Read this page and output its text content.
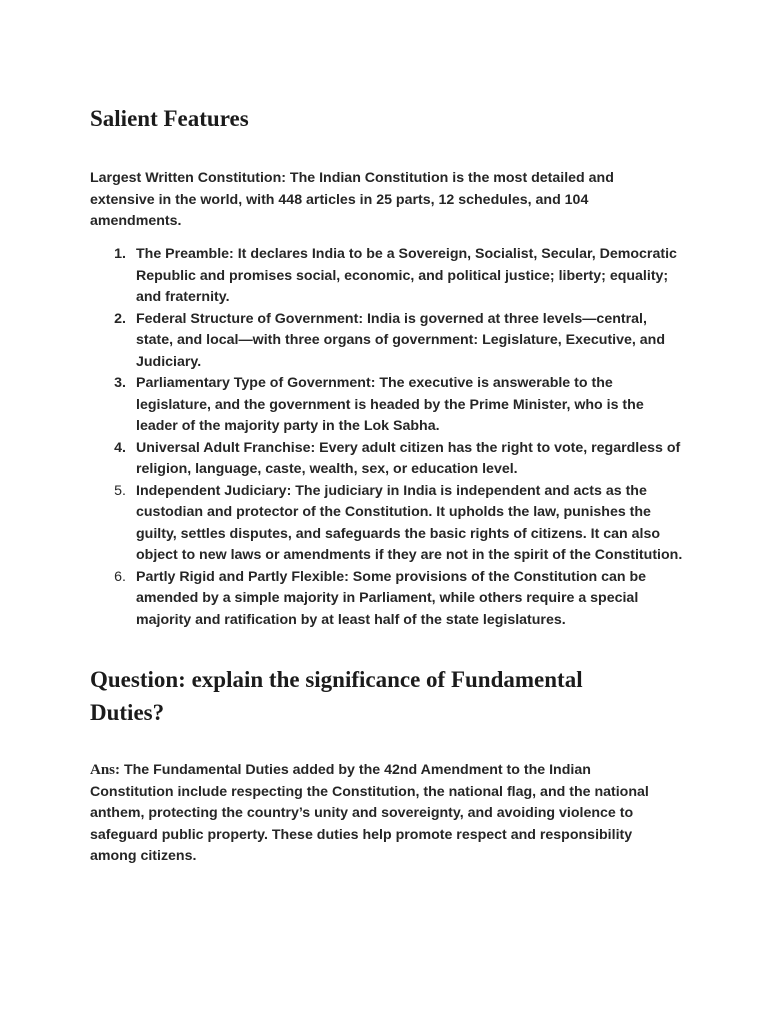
Salient Features

Largest Written Constitution: The Indian Constitution is the most detailed and extensive in the world, with 448 articles in 25 parts, 12 schedules, and 104 amendments.

1. The Preamble: It declares India to be a Sovereign, Socialist, Secular, Democratic Republic and promises social, economic, and political justice; liberty; equality; and fraternity.
2. Federal Structure of Government: India is governed at three levels—central, state, and local—with three organs of government: Legislature, Executive, and Judiciary.
3. Parliamentary Type of Government: The executive is answerable to the legislature, and the government is headed by the Prime Minister, who is the leader of the majority party in the Lok Sabha.
4. Universal Adult Franchise: Every adult citizen has the right to vote, regardless of religion, language, caste, wealth, sex, or education level.
5. Independent Judiciary: The judiciary in India is independent and acts as the custodian and protector of the Constitution. It upholds the law, punishes the guilty, settles disputes, and safeguards the basic rights of citizens. It can also object to new laws or amendments if they are not in the spirit of the Constitution.
6. Partly Rigid and Partly Flexible: Some provisions of the Constitution can be amended by a simple majority in Parliament, while others require a special majority and ratification by at least half of the state legislatures.
Question: explain the significance of Fundamental Duties?

Ans: The Fundamental Duties added by the 42nd Amendment to the Indian Constitution include respecting the Constitution, the national flag, and the national anthem, protecting the country’s unity and sovereignty, and avoiding violence to safeguard public property. These duties help promote respect and responsibility among citizens.
